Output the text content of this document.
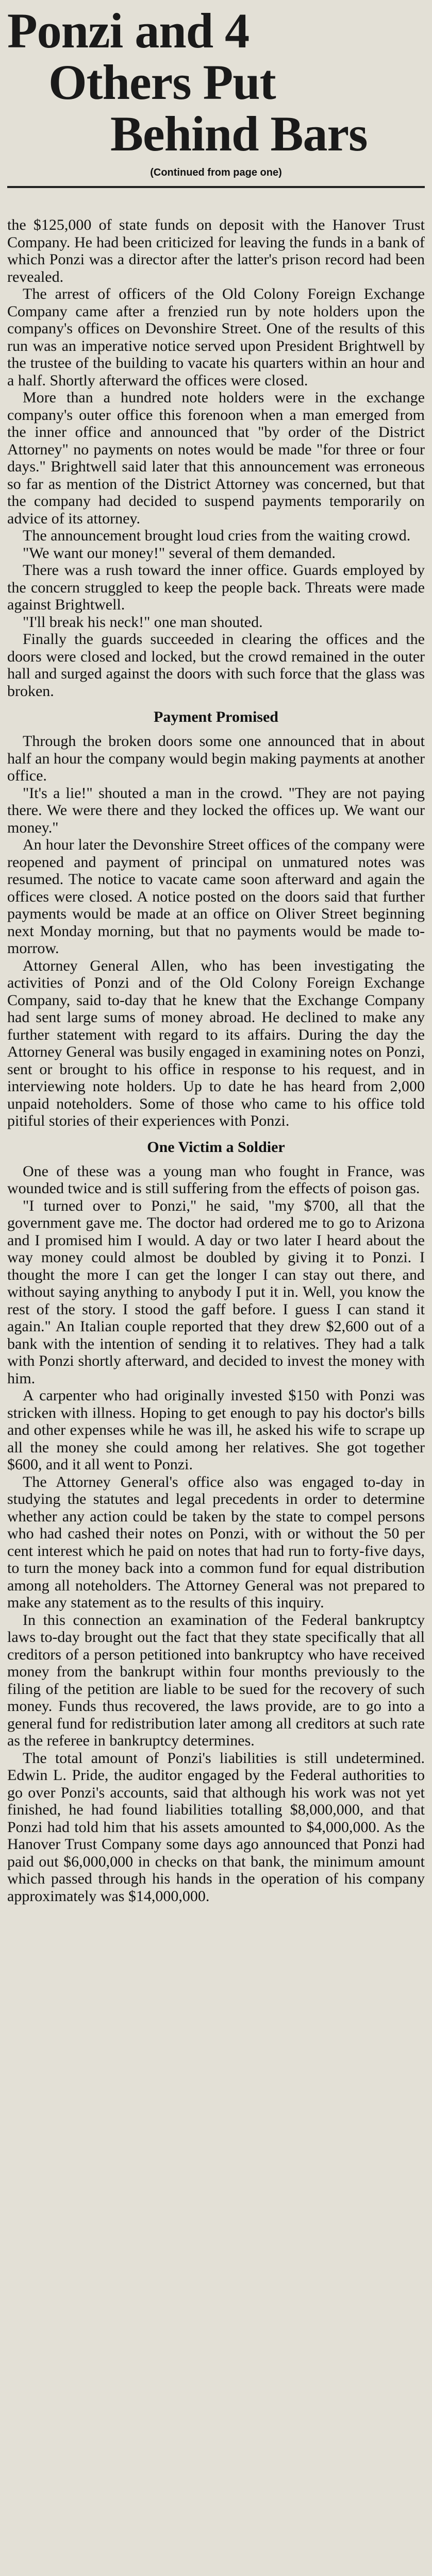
Ponzi and 4
Others Put
Behind Bars
(Continued from page one)

the $125,000 of state funds on deposit with the Hanover Trust Company. He had been criticized for leaving the funds in a bank of which Ponzi was a director after the latter's prison record had been revealed.

The arrest of officers of the Old Colony Foreign Exchange Company came after a frenzied run by note holders upon the company's offices on Devonshire Street. One of the results of this run was an imperative notice served upon President Brightwell by the trustee of the building to vacate his quarters within an hour and a half. Shortly afterward the offices were closed.

More than a hundred note holders were in the exchange company's outer office this forenoon when a man emerged from the inner office and announced that "by order of the District Attorney" no payments on notes would be made "for three or four days." Brightwell said later that this announcement was erroneous so far as mention of the District Attorney was concerned, but that the company had decided to suspend payments temporarily on advice of its attorney.

The announcement brought loud cries from the waiting crowd.

"We want our money!" several of them demanded.

There was a rush toward the inner office. Guards employed by the concern struggled to keep the people back. Threats were made against Brightwell.

"I'll break his neck!" one man shouted.

Finally the guards succeeded in clearing the offices and the doors were closed and locked, but the crowd remained in the outer hall and surged against the doors with such force that the glass was broken.

Payment Promised

Through the broken doors some one announced that in about half an hour the company would begin making payments at another office.

"It's a lie!" shouted a man in the crowd. "They are not paying there. We were there and they locked the offices up. We want our money."

An hour later the Devonshire Street offices of the company were reopened and payment of principal on unmatured notes was resumed. The notice to vacate came soon afterward and again the offices were closed. A notice posted on the doors said that further payments would be made at an office on Oliver Street beginning next Monday morning, but that no payments would be made to-morrow.

Attorney General Allen, who has been investigating the activities of Ponzi and of the Old Colony Foreign Exchange Company, said to-day that he knew that the Exchange Company had sent large sums of money abroad. He declined to make any further statement with regard to its affairs. During the day the Attorney General was busily engaged in examining notes on Ponzi, sent or brought to his office in response to his request, and in interviewing note holders. Up to date he has heard from 2,000 unpaid noteholders. Some of those who came to his office told pitiful stories of their experiences with Ponzi.

One Victim a Soldier

One of these was a young man who fought in France, was wounded twice and is still suffering from the effects of poison gas.

"I turned over to Ponzi," he said, "my $700, all that the government gave me. The doctor had ordered me to go to Arizona and I promised him I would. A day or two later I heard about the way money could almost be doubled by giving it to Ponzi. I thought the more I can get the longer I can stay out there, and without saying anything to anybody I put it in. Well, you know the rest of the story. I stood the gaff before. I guess I can stand it again." An Italian couple reported that they drew $2,600 out of a bank with the intention of sending it to relatives. They had a talk with Ponzi shortly afterward, and decided to invest the money with him.

A carpenter who had originally invested $150 with Ponzi was stricken with illness. Hoping to get enough to pay his doctor's bills and other expenses while he was ill, he asked his wife to scrape up all the money she could among her relatives. She got together $600, and it all went to Ponzi.

The Attorney General's office also was engaged to-day in studying the statutes and legal precedents in order to determine whether any action could be taken by the state to compel persons who had cashed their notes on Ponzi, with or without the 50 per cent interest which he paid on notes that had run to forty-five days, to turn the money back into a common fund for equal distribution among all noteholders. The Attorney General was not prepared to make any statement as to the results of this inquiry.

In this connection an examination of the Federal bankruptcy laws to-day brought out the fact that they state specifically that all creditors of a person petitioned into bankruptcy who have received money from the bankrupt within four months previously to the filing of the petition are liable to be sued for the recovery of such money. Funds thus recovered, the laws provide, are to go into a general fund for redistribution later among all creditors at such rate as the referee in bankruptcy determines.

The total amount of Ponzi's liabilities is still undetermined. Edwin L. Pride, the auditor engaged by the Federal authorities to go over Ponzi's accounts, said that although his work was not yet finished, he had found liabilities totalling $8,000,000, and that Ponzi had told him that his assets amounted to $4,000,000. As the Hanover Trust Company some days ago announced that Ponzi had paid out $6,000,000 in checks on that bank, the minimum amount which passed through his hands in the operation of his company approximately was $14,000,000.
